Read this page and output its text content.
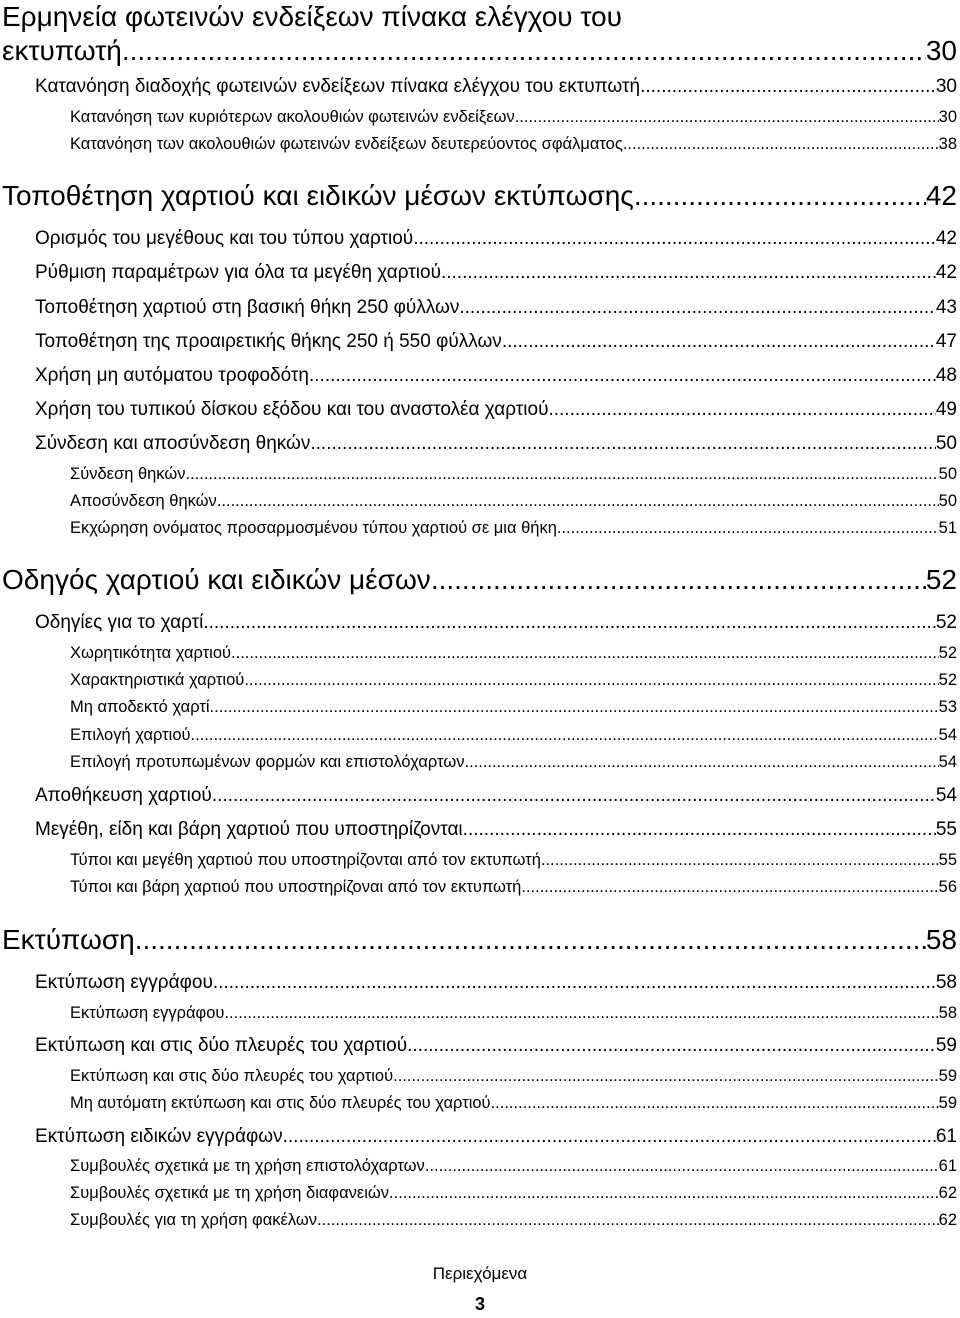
Ερμηνεία φωτεινών ενδείξεων πίνακα ελέγχου του
εκτυπωτή .....	30
Κατανόηση διαδοχής φωτεινών ενδείξεων πίνακα ελέγχου του εκτυπωτή .....	30
Κατανόηση των κυριότερων ακολουθιών φωτεινών ενδείξεων .....	30
Κατανόηση των ακολουθιών φωτεινών ενδείξεων δευτερεύοντος σφάλματος .....	38
Τοποθέτηση χαρτιού και ειδικών μέσων εκτύπωσης .....	42
Ορισμός του μεγέθους και του τύπου χαρτιού .....	42
Ρύθμιση παραμέτρων για όλα τα μεγέθη χαρτιού .....	42
Τοποθέτηση χαρτιού στη βασική θήκη 250 φύλλων .....	43
Τοποθέτηση της προαιρετικής θήκης 250 ή 550 φύλλων .....	47
Χρήση μη αυτόματου τροφοδότη .....	48
Χρήση του τυπικού δίσκου εξόδου και του αναστολέα χαρτιού .....	49
Σύνδεση και αποσύνδεση θηκών .....	50
Σύνδεση θηκών .....	50
Αποσύνδεση θηκών .....	50
Εκχώρηση ονόματος προσαρμοσμένου τύπου χαρτιού σε μια θήκη .....	51
Οδηγός χαρτιού και ειδικών μέσων .....	52
Οδηγίες για το χαρτί .....	52
Χωρητικότητα χαρτιού .....	52
Χαρακτηριστικά χαρτιού .....	52
Μη αποδεκτό χαρτί .....	53
Επιλογή χαρτιού .....	54
Επιλογή προτυπωμένων φορμών και επιστολόχαρτων .....	54
Αποθήκευση χαρτιού .....	54
Μεγέθη, είδη και βάρη χαρτιού που υποστηρίζονται .....	55
Τύποι και μεγέθη χαρτιού που υποστηρίζονται από τον εκτυπωτή .....	55
Τύποι και βάρη χαρτιού που υποστηρίζοναι από τον εκτυπωτή .....	56
Εκτύπωση .....	58
Εκτύπωση εγγράφου .....	58
Εκτύπωση εγγράφου .....	58
Εκτύπωση και στις δύο πλευρές του χαρτιού .....	59
Εκτύπωση και στις δύο πλευρές του χαρτιού .....	59
Μη αυτόματη εκτύπωση και στις δύο πλευρές του χαρτιού .....	59
Εκτύπωση ειδικών εγγράφων .....	61
Συμβουλές σχετικά με τη χρήση επιστολόχαρτων .....	61
Συμβουλές σχετικά με τη χρήση διαφανειών .....	62
Συμβουλές για τη χρήση φακέλων .....	62
Περιεχόμενα
3
